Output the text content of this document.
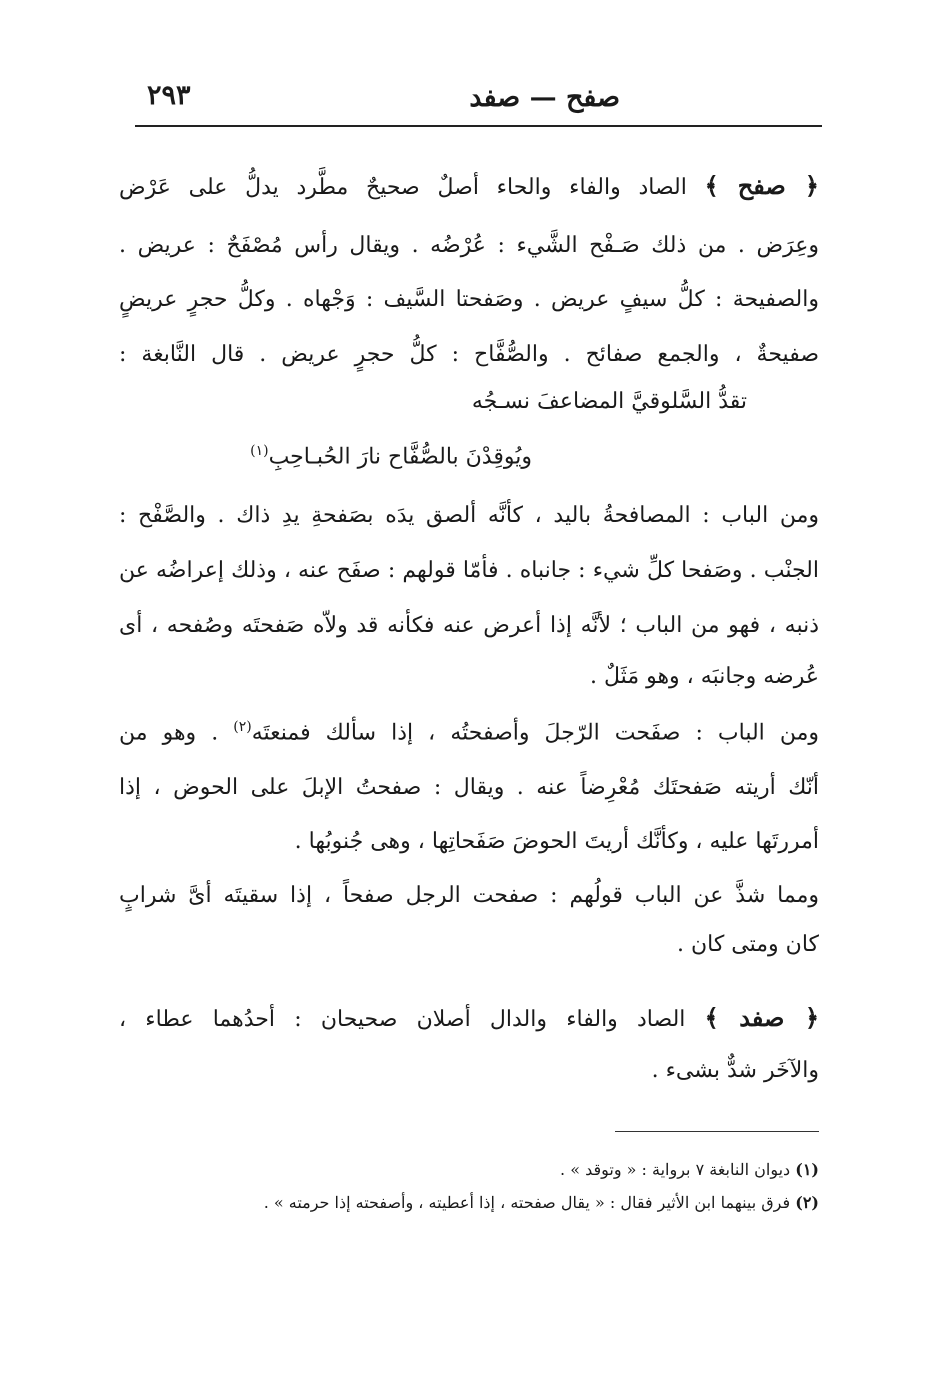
صفح — صفد
٢٩٣
﴿ صفح ﴾ الصاد والفاء والحاء أصلٌ صحيحٌ مطَّرد يدلُّ على عَرْض
وعِرَض . من ذلك صَـفْح الشَّيء : عُرْضُه . ويقال رأس مُصْفَحٌ : عريض .
والصفيحة : كلُّ سيفٍ عريض . وصَفحتا السَّيف : وَجْهاه . وكلُّ حجرٍ عريضٍ
صفيحةٌ ، والجمع صفائح . والصُّفَّاح : كلُّ حجرٍ عريض . قال النَّابغة :
تقدُّ السَّلوقيَّ المضاعفَ نسـجُه
ويُوقِدْنَ بالصُّفَّاح نارَ الحُبـاحِبِ$^{(١)}$
ومن الباب : المصافحةُ باليد ، كأنَّه ألصق يدَه بصَفحةِ يدِ ذاك . والصَّفْح :
الجنْب . وصَفحا كلِّ شيء : جانباه . فأمّا قولهم : صفَح عنه ، وذلك إعراضُه عن
ذنبه ، فهو من الباب ؛ لأنَّه إذا أعرض عنه فكأنه قد ولاّه صَفحتَه وصُفحه ، أى
عُرضه وجانبَه ، وهو مَثَلٌ .
ومن الباب : صفَحت الرّجلَ وأصفحتُه ، إذا سألك فمنعتَه$^{(٢)}$ . وهو من
أنّك أريته صَفحتَك مُعْرِضاً عنه . ويقال : صفحتُ الإبلَ على الحوض ، إذا
أمررتَها عليه ، وكأنَّك أريتَ الحوضَ صَفَحاتِها ، وهى جُنوبُها .
ومما شذَّ عن الباب قولُهم : صفحت الرجل صفحاً ، إذا سقيتَه أىَّ شرابٍ
كان ومتى كان .
﴿ صفد ﴾ الصاد والفاء والدال أصلان صحيحان : أحدُهما عطاء ،
والآخَر شدٌّ بشىء .
(١) ديوان النابغة ٧ برواية : « وتوقد » .
(٢) فرق بينهما ابن الأثير فقال : « يقال صفحته ، إذا أعطيته ، وأصفحته إذا حرمته » .
